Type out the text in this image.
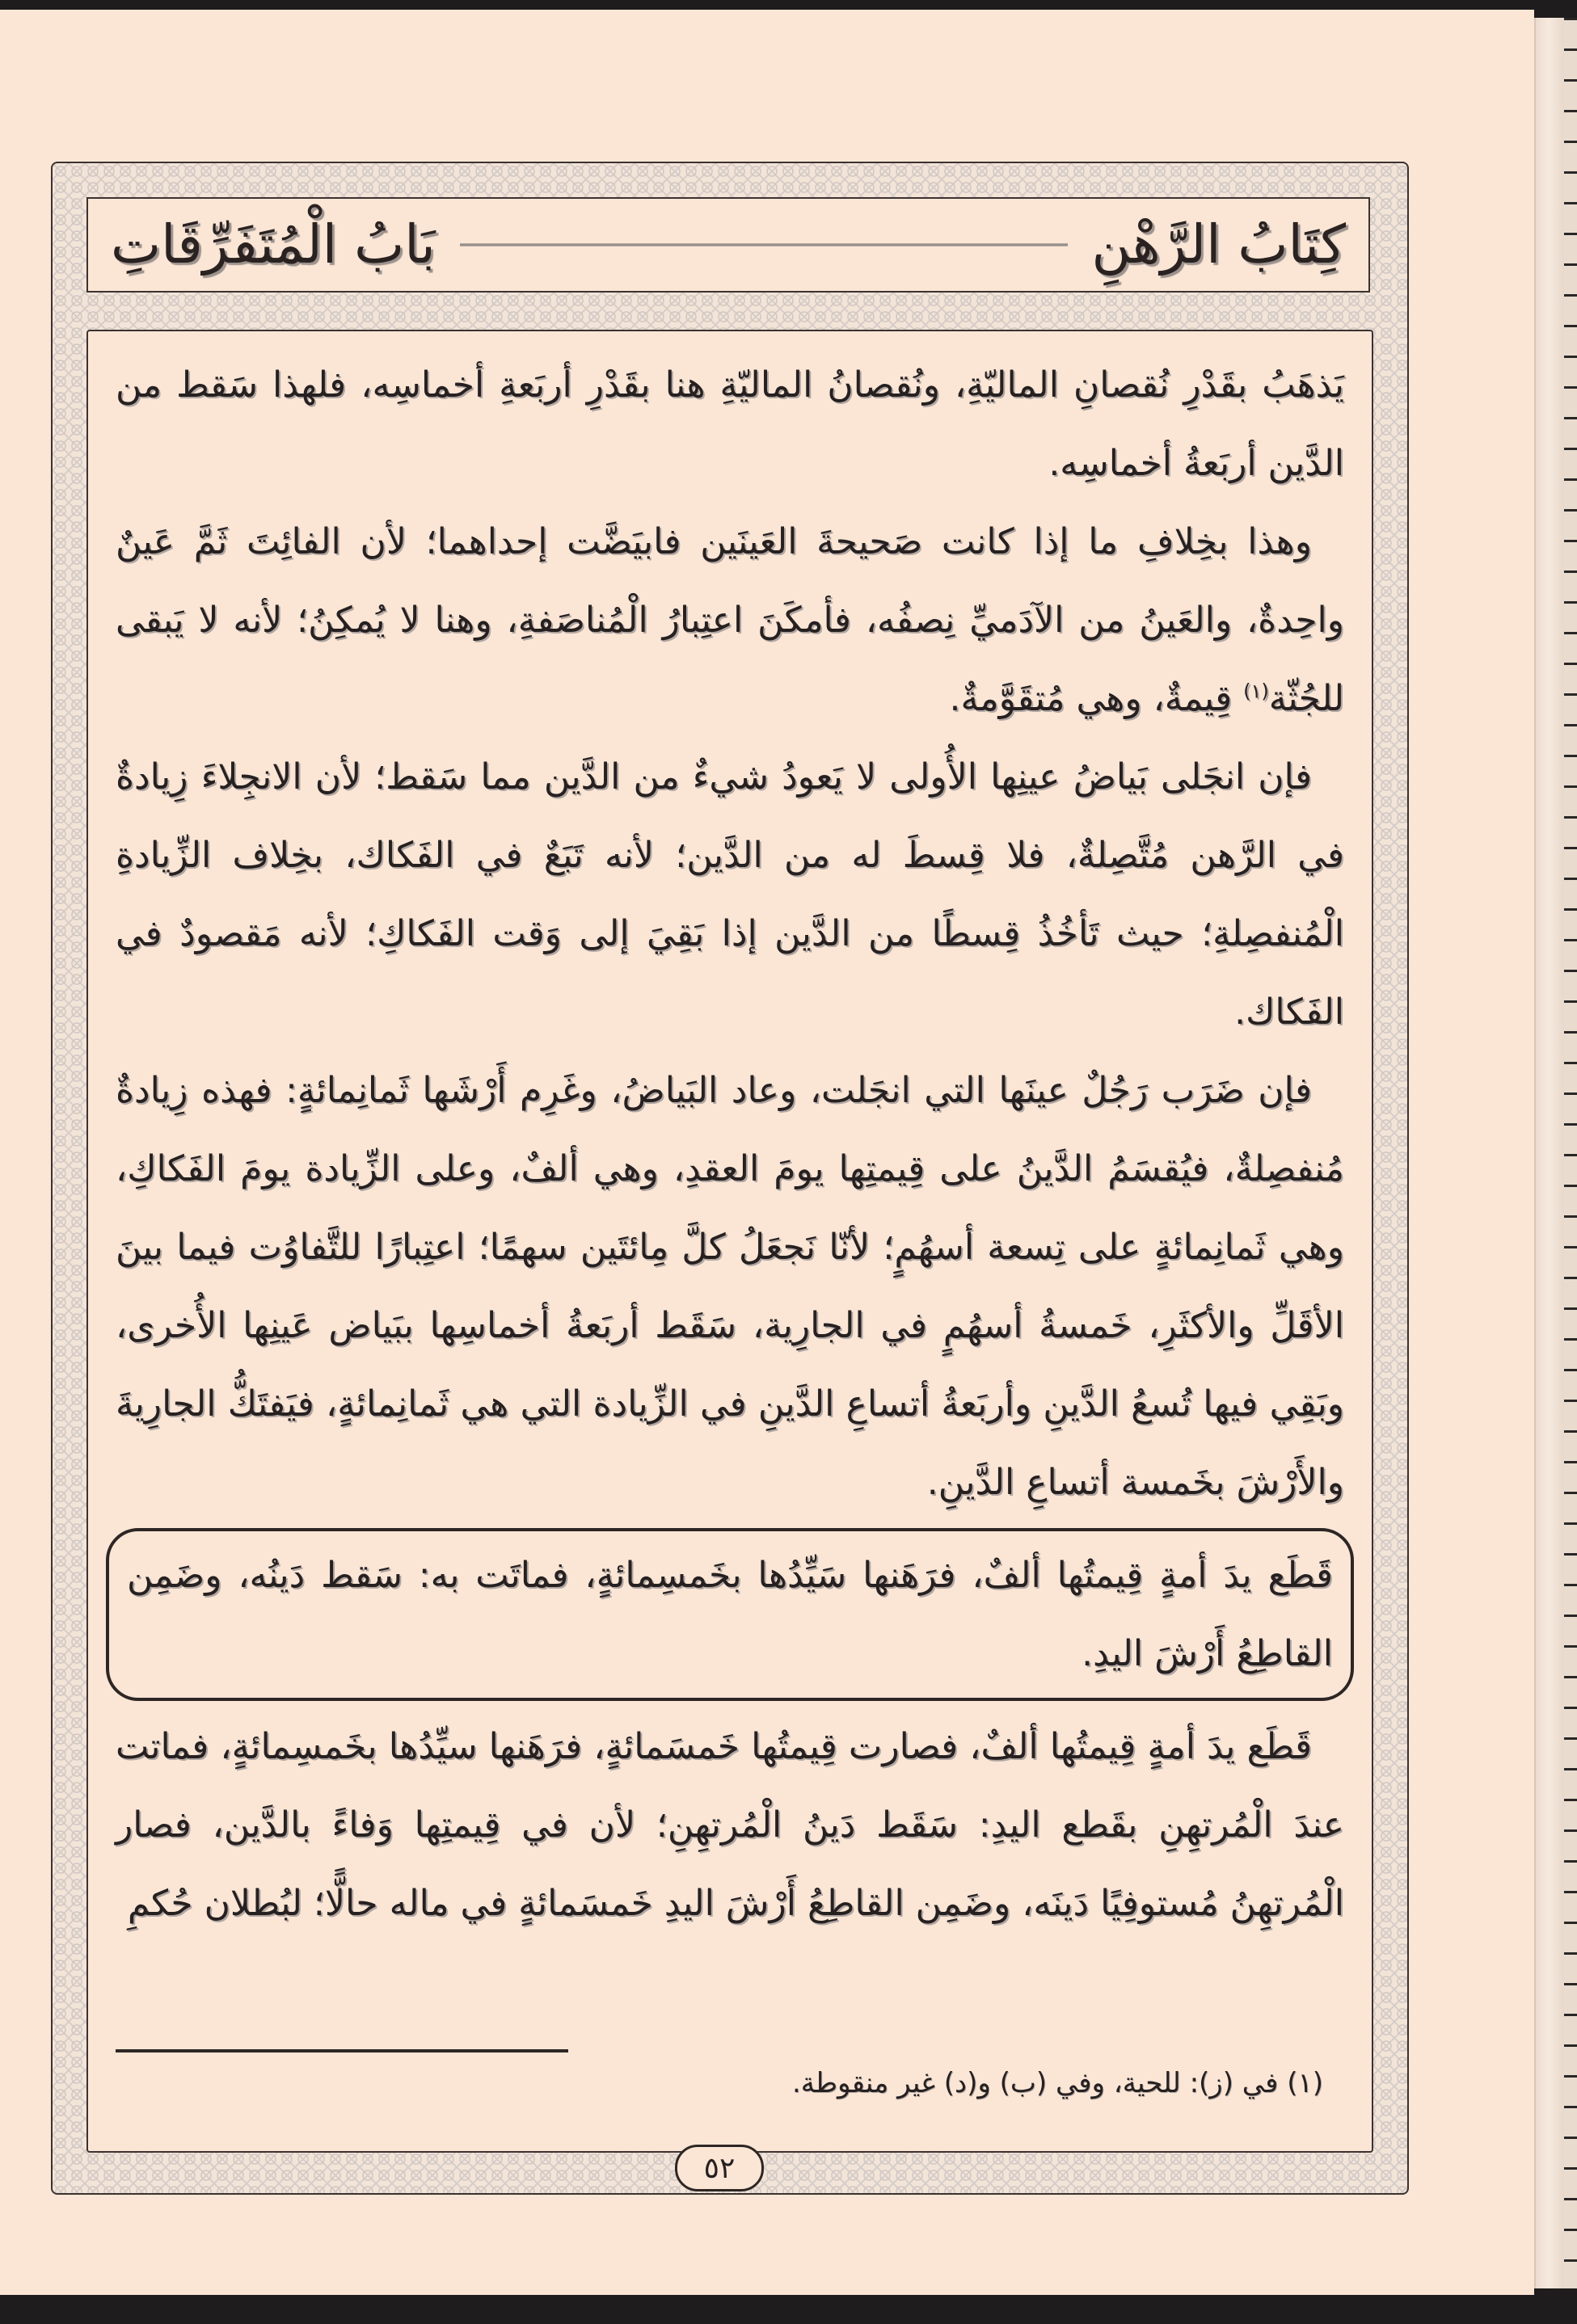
كِتَابُ الرَّهْنِ
بَابُ الْمُتَفَرِّقَاتِ

يَذهَبُ بقَدْرِ نُقصانِ الماليّةِ، ونُقصانُ الماليّةِ هنا بقَدْرِ أربَعةِ أخماسِه، فلهذا سَقط من الدَّين أربَعةُ أخماسِه.

وهذا بخِلافِ ما إذا كانت صَحيحةَ العَينَين فابيَضَّت إحداهما؛ لأن الفائِتَ ثَمَّ عَينٌ واحِدةٌ، والعَينُ من الآدَميِّ نِصفُه، فأمكَنَ اعتِبارُ الْمُناصَفةِ، وهنا لا يُمكِنُ؛ لأنه لا يَبقى للجُثّة$^{(١)}$ قِيمةٌ، وهي مُتقَوَّمةٌ.

فإن انجَلى بَياضُ عينِها الأُولى لا يَعودُ شيءٌ من الدَّين مما سَقط؛ لأن الانجِلاءَ زِيادةٌ في الرَّهن مُتَّصِلةٌ، فلا قِسطَ له من الدَّين؛ لأنه تَبَعٌ في الفَكاك، بخِلاف الزِّيادةِ الْمُنفصِلةِ؛ حيث تَأخُذُ قِسطًا من الدَّين إذا بَقِيَ إلى وَقت الفَكاكِ؛ لأنه مَقصودٌ في الفَكاك.

فإن ضَرَب رَجُلٌ عينَها التي انجَلت، وعاد البَياضُ، وغَرِم أَرْشَها ثَمانِمائةٍ: فهذه زِيادةٌ مُنفصِلةٌ، فيُقسَمُ الدَّينُ على قِيمتِها يومَ العقدِ، وهي ألفٌ، وعلى الزِّيادة يومَ الفَكاكِ، وهي ثَمانِمائةٍ على تِسعة أسهُمٍ؛ لأنّا نَجعَلُ كلَّ مِائتَين سهمًا؛ اعتِبارًا للتَّفاوُت فيما بينَ الأقَلِّ والأكثَرِ، خَمسةُ أسهُمٍ في الجارِية، سَقَط أربَعةُ أخماسِها ببَياض عَينِها الأُخرى، وبَقِي فيها تُسعُ الدَّينِ وأربَعةُ أتساعِ الدَّينِ في الزِّيادة التي هي ثَمانِمائةٍ، فيَفتَكُّ الجارِيةَ والأَرْشَ بخَمسة أتساعِ الدَّينِ.

قَطَع يدَ أمةٍ قِيمتُها ألفٌ، فرَهَنها سَيِّدُها بخَمسِمائةٍ، فماتَت به: سَقط دَينُه، وضَمِن القاطِعُ أَرْشَ اليدِ.

قَطَع يدَ أمةٍ قِيمتُها ألفٌ، فصارت قِيمتُها خَمسَمائةٍ، فرَهَنها سيِّدُها بخَمسِمائةٍ، فماتت عندَ الْمُرتهِنِ بقَطع اليدِ: سَقَط دَينُ الْمُرتهِنِ؛ لأن في قِيمتِها وَفاءً بالدَّين، فصار الْمُرتهِنُ مُستوفِيًا دَينَه، وضَمِن القاطِعُ أَرْشَ اليدِ خَمسَمائةٍ في ماله حالًّا؛ لبُطلان حُكمِ

(١) في (ز): للحية، وفي (ب) و(د) غير منقوطة.
٥٢
